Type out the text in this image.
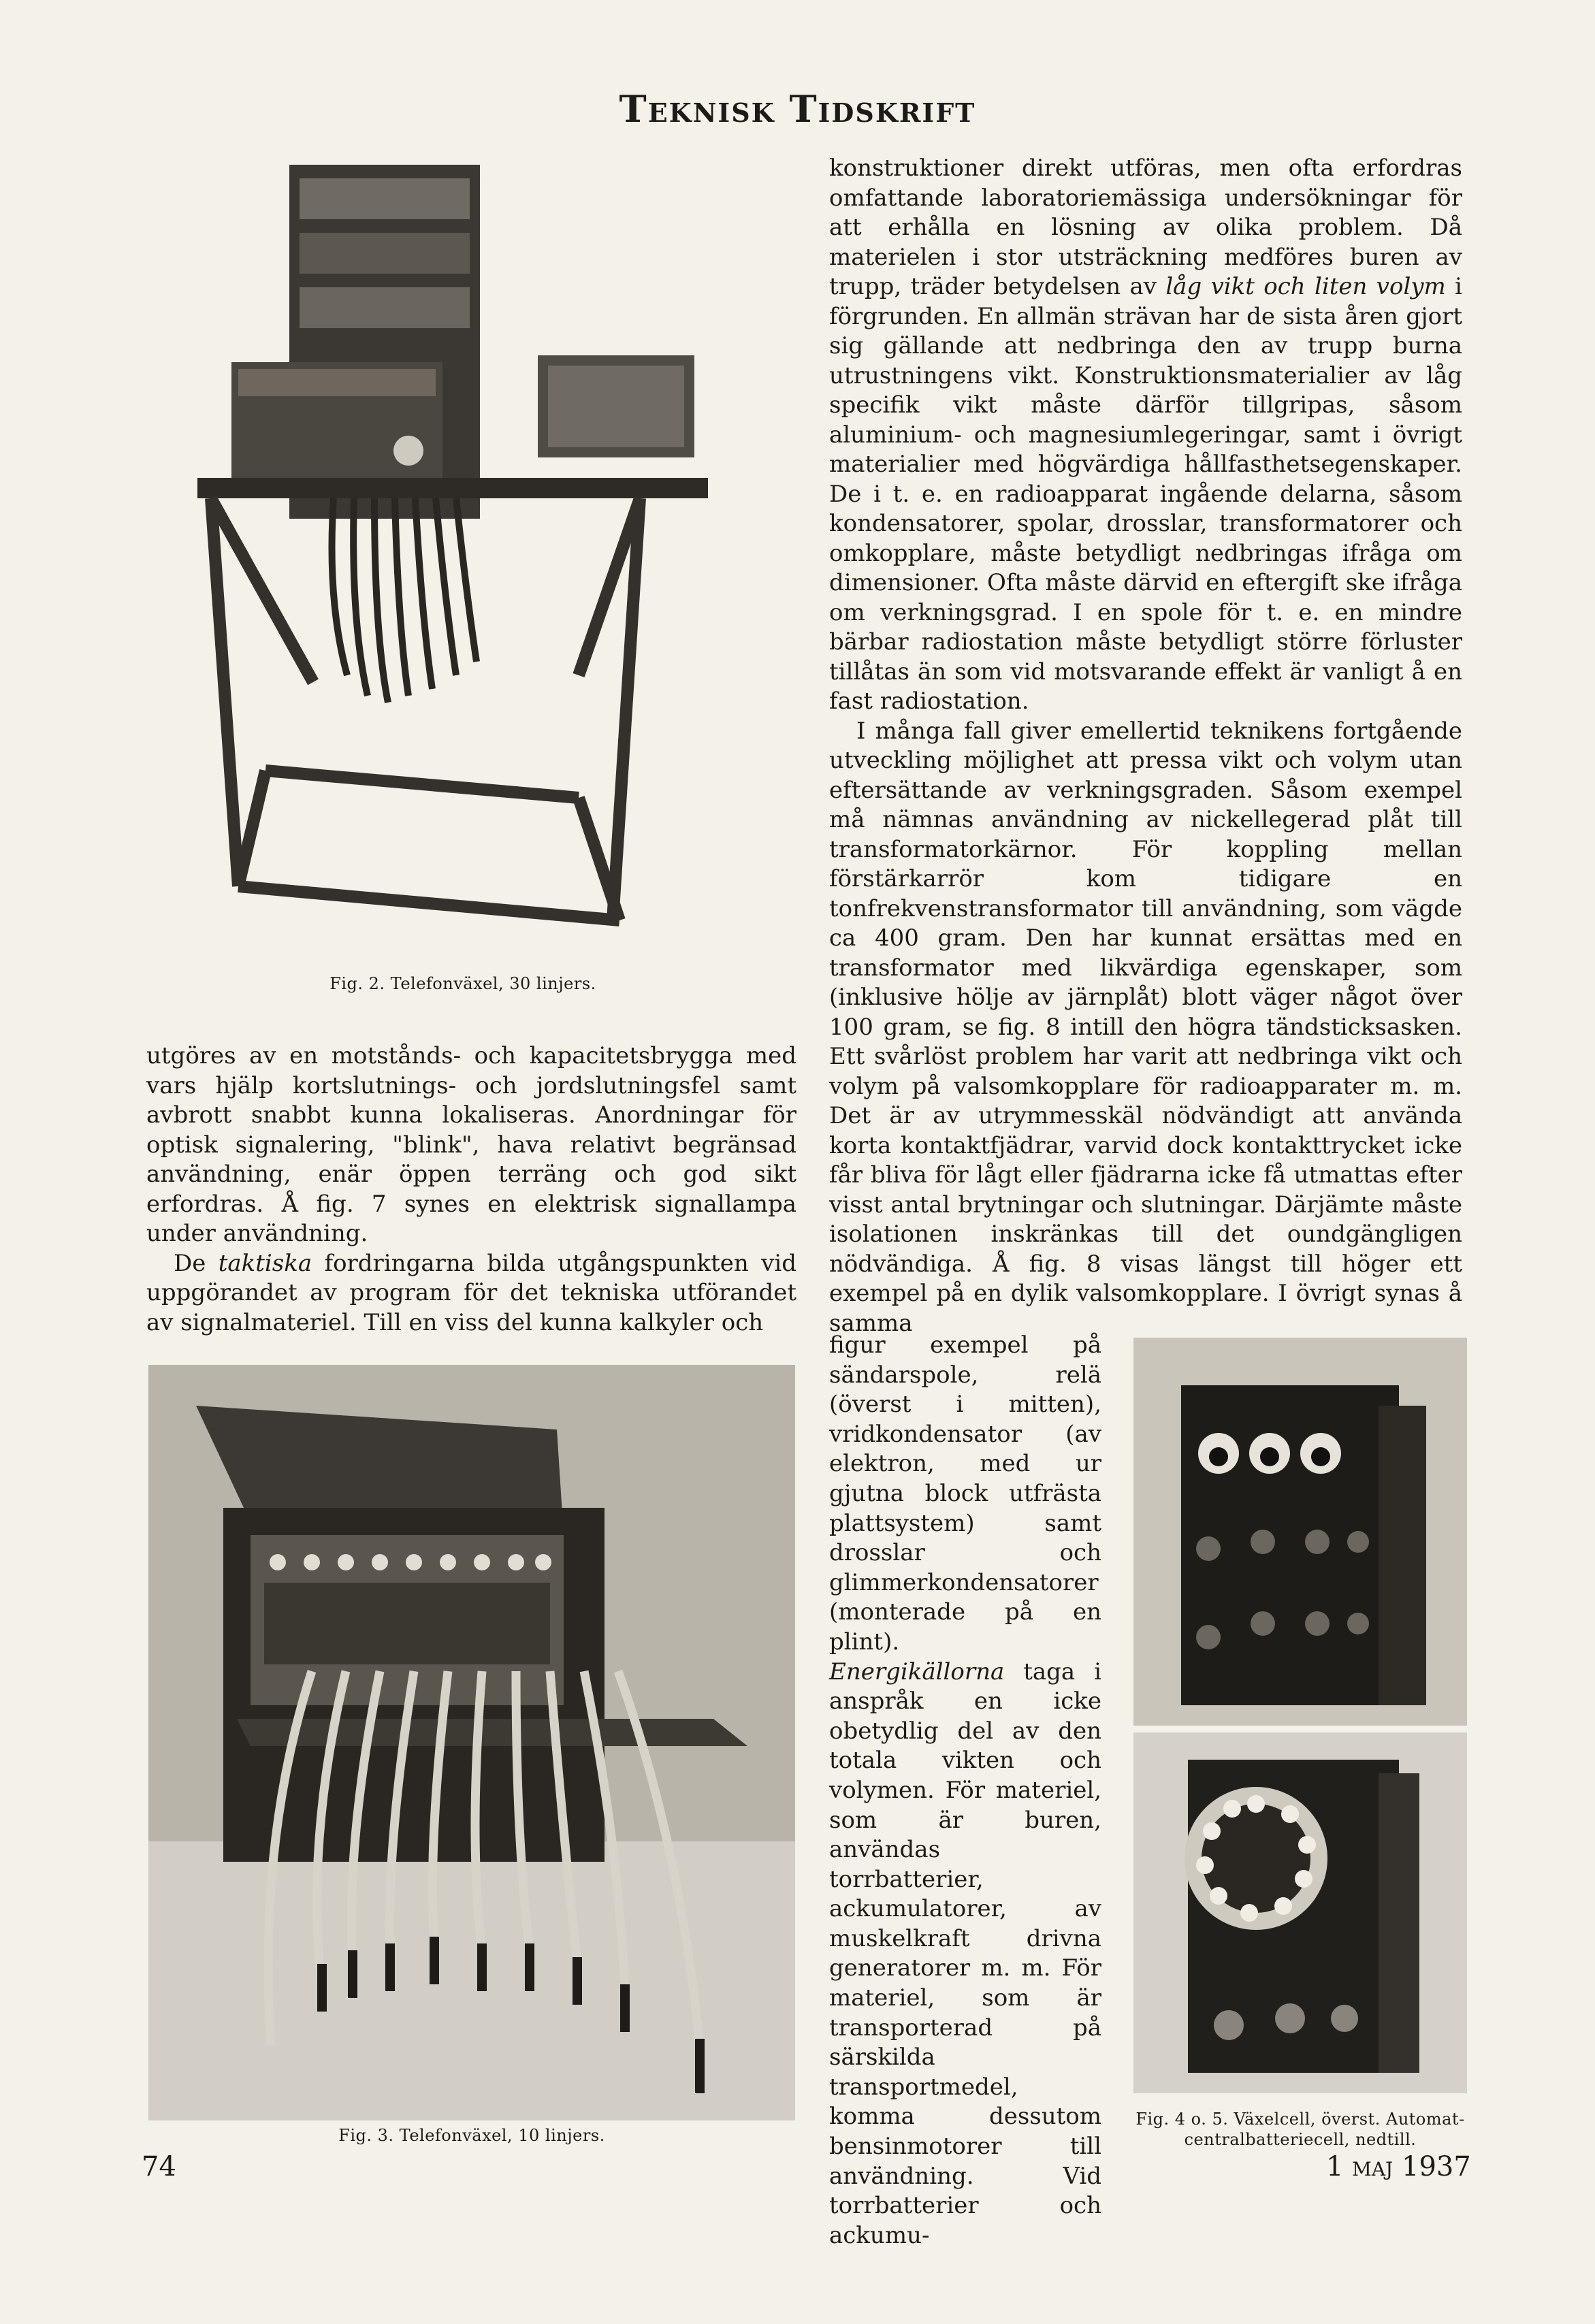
Teknisk Tidskrift
Fig. 2. Telefonväxel, 30 linjers.

utgöres av en motstånds- och kapacitetsbrygga med vars hjälp kortslutnings- och jordslutningsfel samt avbrott snabbt kunna lokaliseras. Anordningar för optisk signalering, "blink", hava relativt begränsad användning, enär öppen terräng och god sikt erfordras. Å fig. 7 synes en elektrisk signallampa under användning.

De taktiska fordringarna bilda utgångspunkten vid uppgörandet av program för det tekniska utförandet av signalmateriel. Till en viss del kunna kalkyler och

Fig. 3. Telefonväxel, 10 linjers.

konstruktioner direkt utföras, men ofta erfordras omfattande laboratoriemässiga undersökningar för att erhålla en lösning av olika problem. Då materielen i stor utsträckning medföres buren av trupp, träder betydelsen av låg vikt och liten volym i förgrunden. En allmän strävan har de sista åren gjort sig gällande att nedbringa den av trupp burna utrustningens vikt. Konstruktionsmaterialier av låg specifik vikt måste därför tillgripas, såsom aluminium- och magnesiumlegeringar, samt i övrigt materialier med högvärdiga hållfasthetsegenskaper. De i t. e. en radioapparat ingående delarna, såsom kondensatorer, spolar, drosslar, transformatorer och omkopplare, måste betydligt nedbringas ifråga om dimensioner. Ofta måste därvid en eftergift ske ifråga om verkningsgrad. I en spole för t. e. en mindre bärbar radiostation måste betydligt större förluster tillåtas än som vid motsvarande effekt är vanligt å en fast radiostation.

I många fall giver emellertid teknikens fortgående utveckling möjlighet att pressa vikt och volym utan eftersättande av verkningsgraden. Såsom exempel må nämnas användning av nickellegerad plåt till transformatorkärnor. För koppling mellan förstärkarrör kom tidigare en tonfrekvenstransformator till användning, som vägde ca 400 gram. Den har kunnat ersättas med en transformator med likvärdiga egenskaper, som (inklusive hölje av järnplåt) blott väger något över 100 gram, se fig. 8 intill den högra tändsticksasken. Ett svårlöst problem har varit att nedbringa vikt och volym på valsomkopplare för radioapparater m. m. Det är av utrymmesskäl nödvändigt att använda korta kontaktfjädrar, varvid dock kontakttrycket icke får bliva för lågt eller fjädrarna icke få utmattas efter visst antal brytningar och slutningar. Därjämte måste isolationen inskränkas till det oundgängligen nödvändiga. Å fig. 8 visas längst till höger ett exempel på en dylik valsomkopplare. I övrigt synas å samma

figur exempel på sändarspole, relä (överst i mitten), vridkondensator (av elektron, med ur gjutna block utfrästa plattsystem) samt drosslar och glimmerkondensatorer (monterade på en plint).

Energikällorna taga i anspråk en icke obetydlig del av den totala vikten och volymen. För materiel, som är buren, användas torrbatterier, ackumulatorer, av muskelkraft drivna generatorer m. m. För materiel, som är transporterad på särskilda transportmedel, komma dessutom bensinmotorer till användning. Vid torrbatterier och ackumu-

Fig. 4 o. 5. Växelcell, överst. Automat-
centralbatteriecell, nedtill.
74	1 maj 1937
